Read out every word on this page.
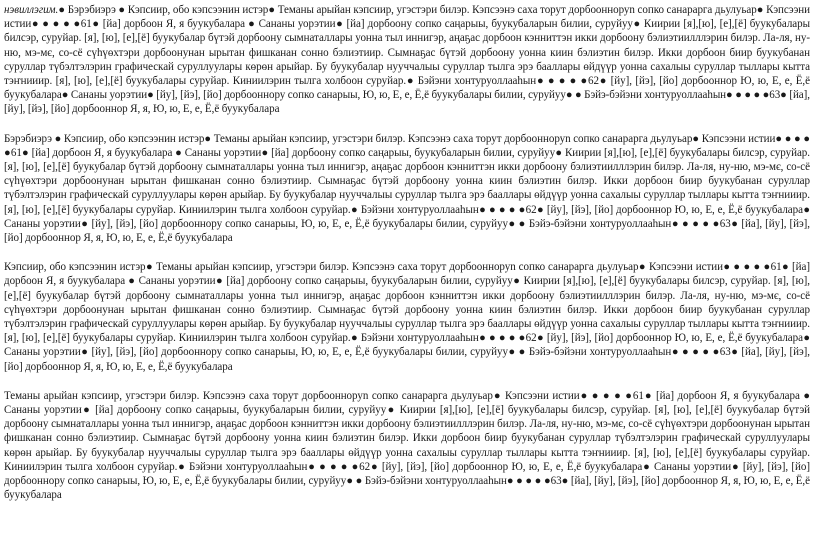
нэвиллэгим.● Бэрэбиэрэ ● Кэпсиир, обо кэпсээнин истэр● Теманы арыйан кэпсиир, угэстэри билэр. Кэпсээнэ саха торут дорбоонноруn сопко санарарга дьулуьар● Кэпсээни истии● ● ● ● ●61● [йа] дорбоон Я, я буукубалара ● Сананы уорэтии● [йа] дорбоону сопко саңарыы, буукубаларын билии, суруйуу● Киирии [я],[ю], [е],[ё] буукубалары билсэр, суруйар. [я], [ю], [е],[ё] буукубалар бүтэй дорбоону сымнаталлары уонна тыл иннигэр, аңаҕас дорбоон кэнниттэн икки дорбоону бэлиэтиилллэрин билэр. Ла-ля, ну-ню, мэ-мє, со-сё сүһүөхтэри дорбоонунан ырытан фишканан сонно бэлиэтиир. Сымнаҕас бүтэй дорбоону уонна киин бэлиэтин билэр. Икки дорбоон биир буукубанан суруллар түбэлтэлэрин графическай суруллуулары көрөн арыйар. Бу буукубалар нууччалыы суруллар тылга эрэ бааллары өйдүүр уонна сахалыы суруллар тыллары кытта тэҥнииир. [я], [ю], [е],[ё] буукубалары суруйар. Киниилэрин тылга холбоон суруйар.● Бэйэни хонтуруоллааһын● ● ● ● ●62● [йу], [йэ], [йо] дорбооннор Ю, ю, Е, е, Ё,ё буукубалара● Сананы уорэтии● [йу], [йэ], [йо] дорбооннору сопко санарыы, Ю, ю, Е, е, Ё,ё буукубалары билии, суруйуу● ● Бэйэ-бэйэни хонтуруоллааһын● ● ● ● ●63● [йа], [йу], [йэ], [йо] дорбооннор Я, я, Ю, ю, Е, е, Ё,ё буукубалара

Бэрэбиэрэ ● Кэпсиир, обо кэпсээнин истэр● Теманы арыйан кэпсиир, угэстэри билэр. Кэпсээнэ саха торут дорбоонноруn сопко санарарга дьулуьар● Кэпсээни истии● ● ● ● ●61● [йа] дорбоон Я, я буукубалара ● Сананы уорэтии● [йа] дорбоону сопко саңарыы, буукубаларын билии, суруйуу● Киирии [я],[ю], [е],[ё] буукубалары билсэр, суруйар. [я], [ю], [е],[ё] буукубалар бүтэй дорбоону сымнаталлары уонна тыл иннигэр, аңаҕас дорбоон кэнниттэн икки дорбоону бэлиэтиилллэрин билэр. Ла-ля, ну-ню, мэ-мє, со-сё сүһүөхтэри дорбоонунан ырытан фишканан сонно бэлиэтиир. Сымнаҕас бүтэй дорбоону уонна киин бэлиэтин билэр. Икки дорбоон биир буукубанан суруллар түбэлтэлэрин графическай суруллуулары көрөн арыйар. Бу буукубалар нууччалыы суруллар тылга эрэ бааллары өйдүүр уонна сахалыы суруллар тыллары кытта тэҥнииир. [я], [ю], [е],[ё] буукубалары суруйар. Киниилэрин тылга холбоон суруйар.● Бэйэни хонтуруоллааһын● ● ● ● ●62● [йу], [йэ], [йо] дорбооннор Ю, ю, Е, е, Ё,ё буукубалара● Сананы уорэтии● [йу], [йэ], [йо] дорбооннору сопко санарыы, Ю, ю, Е, е, Ё,ё буукубалары билии, суруйуу● ● Бэйэ-бэйэни хонтуруоллааһын● ● ● ● ●63● [йа], [йу], [йэ], [йо] дорбооннор Я, я, Ю, ю, Е, е, Ё,ё буукубалара

Кэпсиир, обо кэпсээнин истэр● Теманы арыйан кэпсиир, угэстэри билэр. Кэпсээнэ саха торут дорбоонноруn сопко санарарга дьулуьар● Кэпсээни истии● ● ● ● ●61● [йа] дорбоон Я, я буукубалара ● Сананы уорэтии● [йа] дорбоону сопко саңарыы, буукубаларын билии, суруйуу● Киирии [я],[ю], [е],[ё] буукубалары билсэр, суруйар. [я], [ю], [е],[ё] буукубалар бүтэй дорбоону сымнаталлары уонна тыл иннигэр, аңаҕас дорбоон кэнниттэн икки дорбоону бэлиэтиилллэрин билэр. Ла-ля, ну-ню, мэ-мє, со-сё сүһүөхтэри дорбоонунан ырытан фишканан сонно бэлиэтиир. Сымнаҕас бүтэй дорбоону уонна киин бэлиэтин билэр. Икки дорбоон биир буукубанан суруллар түбэлтэлэрин графическай суруллуулары көрөн арыйар. Бу буукубалар нууччалыы суруллар тылга эрэ бааллары өйдүүр уонна сахалыы суруллар тыллары кытта тэҥнииир. [я], [ю], [е],[ё] буукубалары суруйар. Киниилэрин тылга холбоон суруйар.● Бэйэни хонтуруоллааһын● ● ● ● ●62● [йу], [йэ], [йо] дорбооннор Ю, ю, Е, е, Ё,ё буукубалара● Сананы уорэтии● [йу], [йэ], [йо] дорбооннору сопко санарыы, Ю, ю, Е, е, Ё,ё буукубалары билии, суруйуу● ● Бэйэ-бэйэни хонтуруоллааһын● ● ● ● ●63● [йа], [йу], [йэ], [йо] дорбооннор Я, я, Ю, ю, Е, е, Ё,ё буукубалара

Теманы арыйан кэпсиир, угэстэри билэр. Кэпсээнэ саха торут дорбоонноруn сопко санарарга дьулуьар● Кэпсээни истии● ● ● ● ●61● [йа] дорбоон Я, я буукубалара ● Сананы уорэтии● [йа] дорбоону сопко саңарыы, буукубаларын билии, суруйуу● Киирии [я],[ю], [е],[ё] буукубалары билсэр, суруйар. [я], [ю], [е],[ё] буукубалар бүтэй дорбоону сымнаталлары уонна тыл иннигэр, аңаҕас дорбоон кэнниттэн икки дорбоону бэлиэтиилллэрин билэр. Ла-ля, ну-ню, мэ-мє, со-сё сүһүөхтэри дорбоонунан ырытан фишканан сонно бэлиэтиир. Сымнаҕас бүтэй дорбоону уонна киин бэлиэтин билэр. Икки дорбоон биир буукубанан суруллар түбэлтэлэрин графическай суруллуулары көрөн арыйар. Бу буукубалар нууччалыы суруллар тылга эрэ бааллары өйдүүр уонна сахалыы суруллар тыллары кытта тэҥнииир. [я], [ю], [е],[ё] буукубалары суруйар. Киниилэрин тылга холбоон суруйар.● Бэйэни хонтуруоллааһын● ● ● ● ●62● [йу], [йэ], [йо] дорбооннор Ю, ю, Е, е, Ё,ё буукубалара● Сананы уорэтии● [йу], [йэ], [йо] дорбооннору сопко санарыы, Ю, ю, Е, е, Ё,ё буукубалары билии, суруйуу● ● Бэйэ-бэйэни хонтуруоллааһын● ● ● ● ●63● [йа], [йу], [йэ], [йо] дорбооннор Я, я, Ю, ю, Е, е, Ё,ё буукубалара
